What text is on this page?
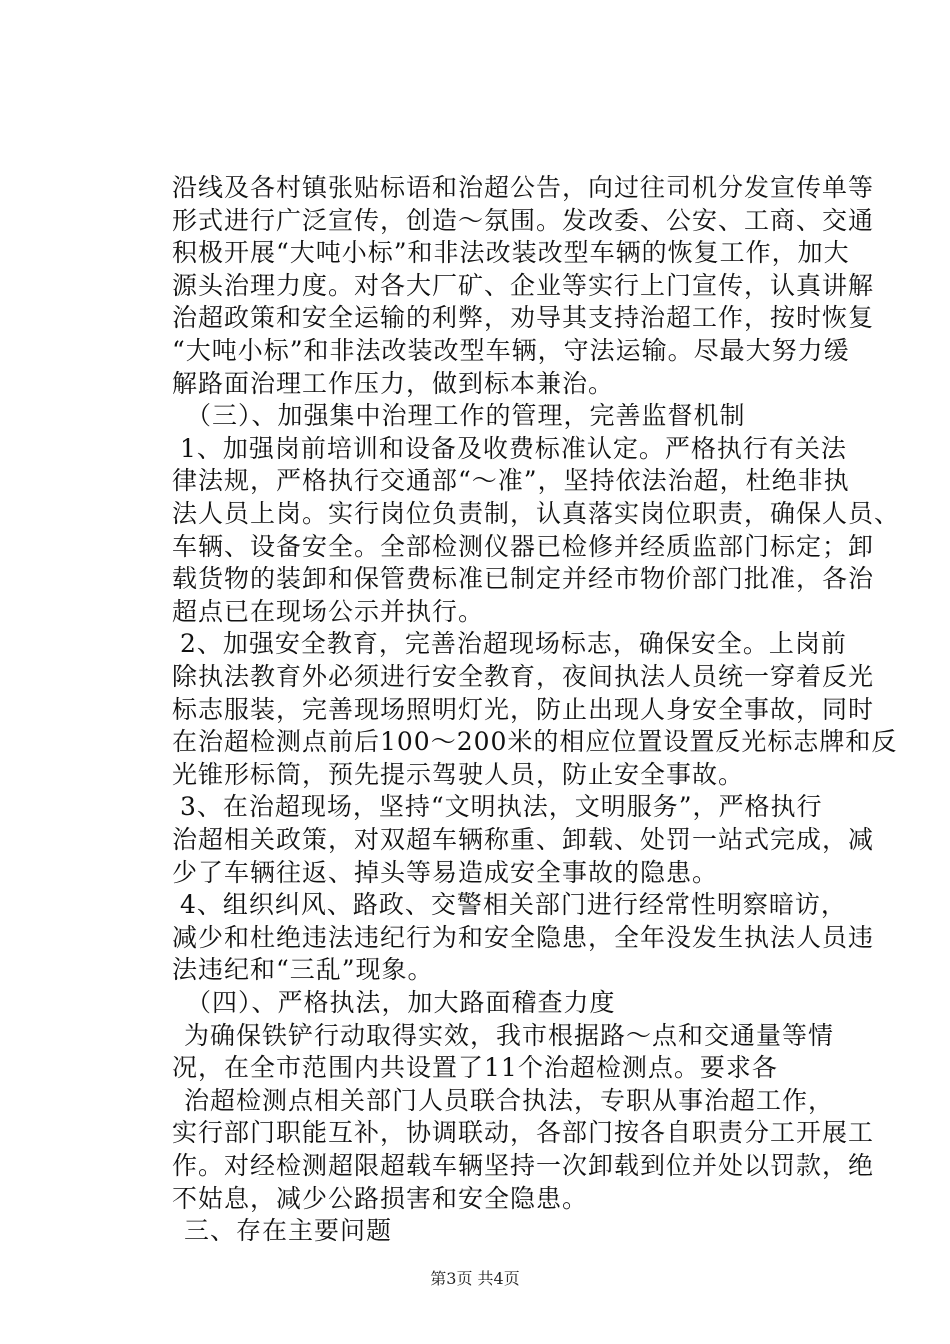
沿线及各村镇张贴标语和治超公告，向过往司机分发宣传单等
形式进行广泛宣传，创造～氛围。发改委、公安、工商、交通
积极开展“大吨小标”和非法改装改型车辆的恢复工作，加大
源头治理力度。对各大厂矿、企业等实行上门宣传，认真讲解
治超政策和安全运输的利弊，劝导其支持治超工作，按时恢复
“大吨小标”和非法改装改型车辆，守法运输。尽最大努力缓
解路面治理工作压力，做到标本兼治。
（三）、加强集中治理工作的管理，完善监督机制
1、加强岗前培训和设备及收费标准认定。严格执行有关法
律法规，严格执行交通部“～准”，坚持依法治超，杜绝非执
法人员上岗。实行岗位负责制，认真落实岗位职责，确保人员、
车辆、设备安全。全部检测仪器已检修并经质监部门标定；卸
载货物的装卸和保管费标准已制定并经市物价部门批准，各治
超点已在现场公示并执行。
2、加强安全教育，完善治超现场标志，确保安全。上岗前
除执法教育外必须进行安全教育，夜间执法人员统一穿着反光
标志服装，完善现场照明灯光，防止出现人身安全事故，同时
在治超检测点前后100～200米的相应位置设置反光标志牌和反
光锥形标筒，预先提示驾驶人员，防止安全事故。
3、在治超现场，坚持“文明执法，文明服务”，严格执行
治超相关政策，对双超车辆称重、卸载、处罚一站式完成，减
少了车辆往返、掉头等易造成安全事故的隐患。
4、组织纠风、路政、交警相关部门进行经常性明察暗访，
减少和杜绝违法违纪行为和安全隐患，全年没发生执法人员违
法违纪和“三乱”现象。
（四）、严格执法，加大路面稽查力度
为确保铁铲行动取得实效，我市根据路～点和交通量等情
况，在全市范围内共设置了11个治超检测点。要求各
治超检测点相关部门人员联合执法，专职从事治超工作，
实行部门职能互补，协调联动，各部门按各自职责分工开展工
作。对经检测超限超载车辆坚持一次卸载到位并处以罚款，绝
不姑息，减少公路损害和安全隐患。
三、存在主要问题
第3页 共4页
